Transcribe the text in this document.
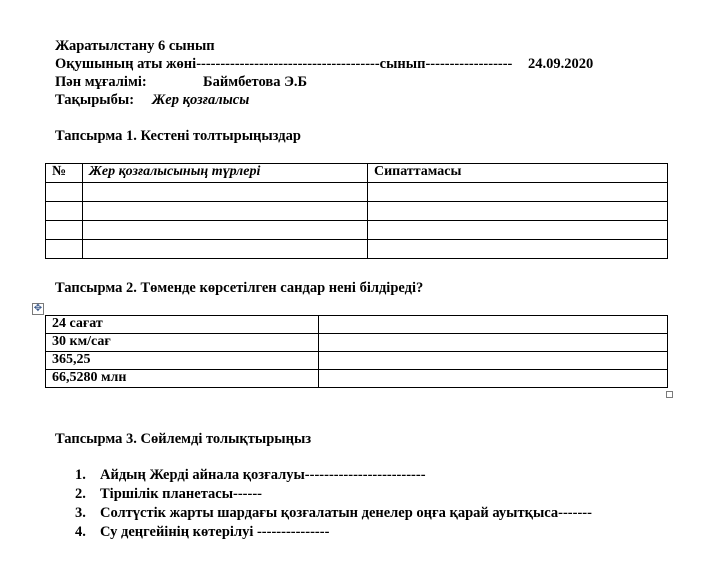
Жаратылстану 6 сынып
Оқушының аты жөні--------------------------------------сынып------------------ 24.09.2020
Пән мұғалімі:	Баймбетова Э.Б
Тақырыбы: Жер қозғалысы
Тапсырма 1. Кестені толтырыңыздар
№	Жер қозғалысының түрлері	Сипаттамасы

Тапсырма 2. Төменде көрсетілген сандар нені білдіреді?
✥
24 сағат	
30 км/сағ	
365,25	
66,5280 млн	
Тапсырма 3. Сөйлемді толықтырыңыз
1. Айдың Жерді айнала қозғалуы-------------------------
2. Тіршілік планетасы------
3. Солтүстік жарты шардағы қозғалатын денелер оңға қарай ауытқыса-------
4. Су деңгейінің көтерілуі ---------------
